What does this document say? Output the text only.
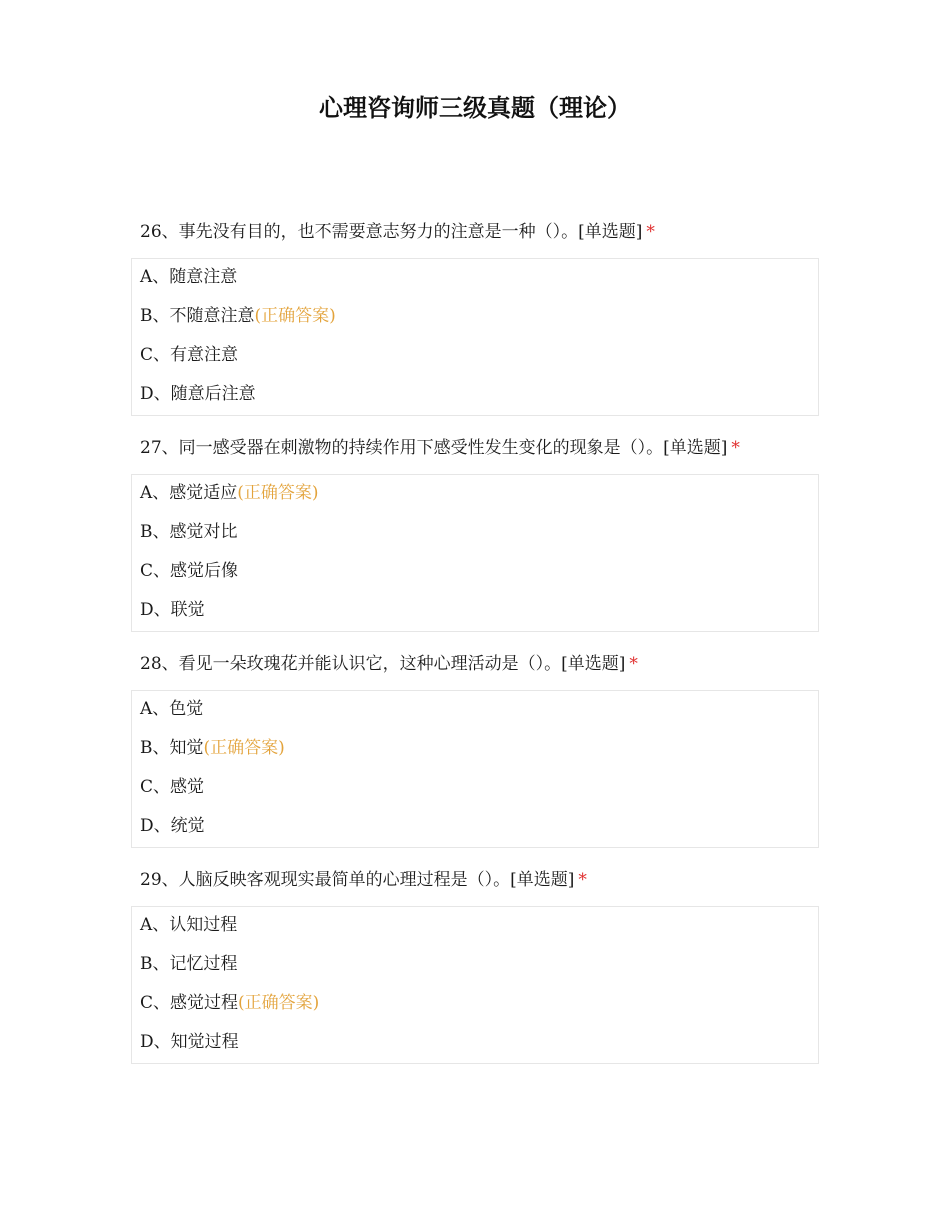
心理咨询师三级真题（理论）
26、事先没有目的，也不需要意志努力的注意是一种（）。[单选题] *
A、随意注意
B、不随意注意(正确答案)
C、有意注意
D、随意后注意
27、同一感受器在刺激物的持续作用下感受性发生变化的现象是（）。[单选题] *
A、感觉适应(正确答案)
B、感觉对比
C、感觉后像
D、联觉
28、看见一朵玫瑰花并能认识它，这种心理活动是（）。[单选题] *
A、色觉
B、知觉(正确答案)
C、感觉
D、统觉
29、人脑反映客观现实最简单的心理过程是（）。[单选题] *
A、认知过程
B、记忆过程
C、感觉过程(正确答案)
D、知觉过程
